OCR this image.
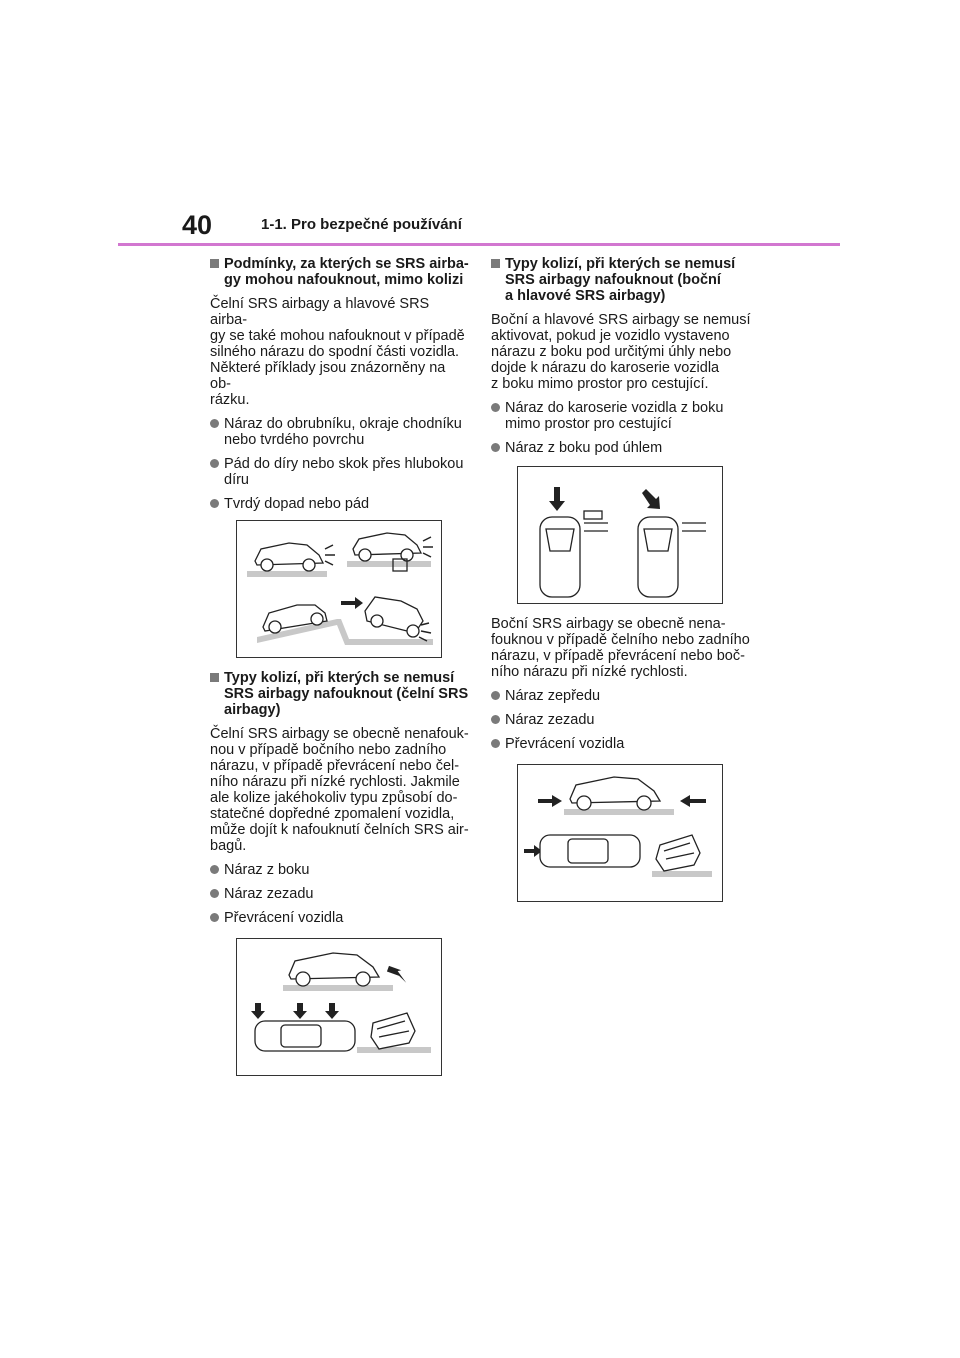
40	1-1. Pro bezpečné používání
Podmínky, za kterých se SRS airba-
gy mohou nafouknout, mimo kolizi
Čelní SRS airbagy a hlavové SRS airba-
gy se také mohou nafouknout v případě
silného nárazu do spodní části vozidla.
Některé příklady jsou znázorněny na ob-
rázku.
Náraz do obrubníku, okraje chodníku
nebo tvrdého povrchu
Pád do díry nebo skok přes hlubokou
díru
Tvrdý dopad nebo pád
Typy kolizí, při kterých se nemusí
SRS airbagy nafouknout (čelní SRS
airbagy)
Čelní SRS airbagy se obecně nenafouk-
nou v případě bočního nebo zadního
nárazu, v případě převrácení nebo čel-
ního nárazu při nízké rychlosti. Jakmile
ale kolize jakéhokoliv typu způsobí do-
statečné dopředné zpomalení vozidla,
může dojít k nafouknutí čelních SRS air-
bagů.
Náraz z boku
Náraz zezadu
Převrácení vozidla
Typy kolizí, při kterých se nemusí
SRS airbagy nafouknout (boční
a hlavové SRS airbagy)
Boční a hlavové SRS airbagy se nemusí
aktivovat, pokud je vozidlo vystaveno
nárazu z boku pod určitými úhly nebo
dojde k nárazu do karoserie vozidla
z boku mimo prostor pro cestující.
Náraz do karoserie vozidla z boku
mimo prostor pro cestující
Náraz z boku pod úhlem
Boční SRS airbagy se obecně nena-
fouknou v případě čelního nebo zadního
nárazu, v případě převrácení nebo boč-
ního nárazu při nízké rychlosti.
Náraz zepředu
Náraz zezadu
Převrácení vozidla
